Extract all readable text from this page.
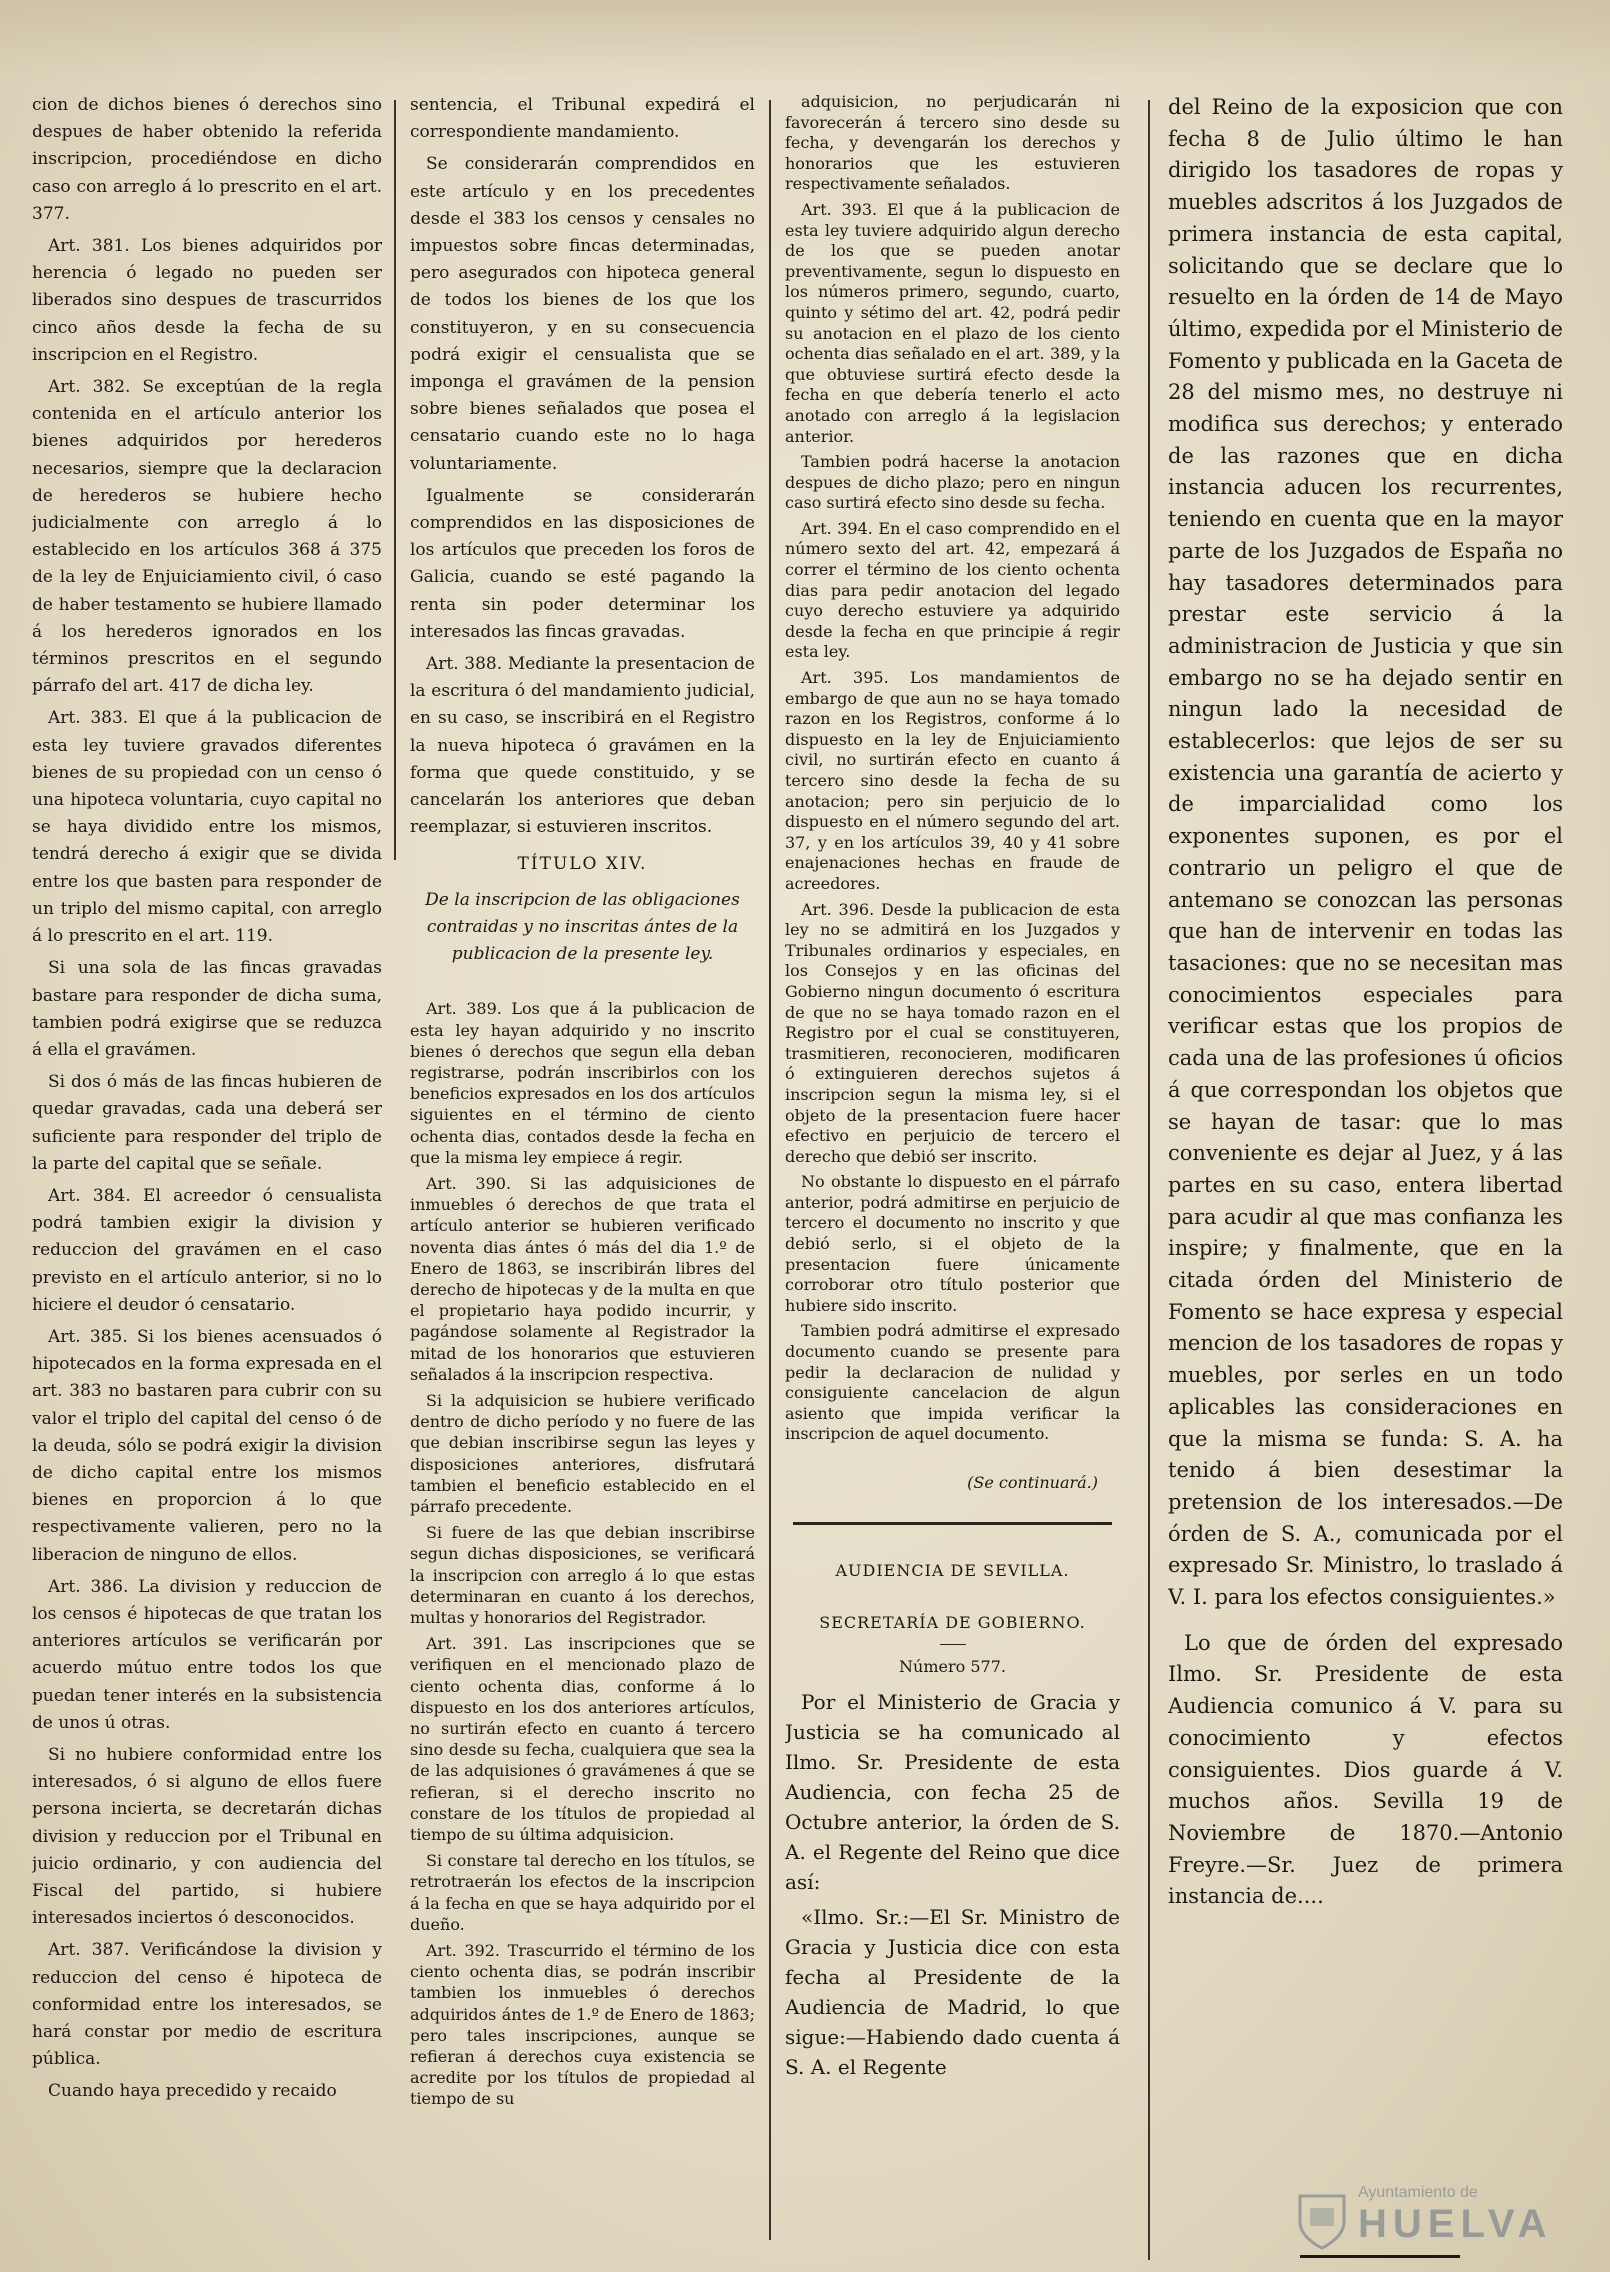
cion de dichos bienes ó derechos sino despues de haber obtenido la referida inscripcion, procediéndose en dicho caso con arreglo á lo prescrito en el art. 377.

Art. 381. Los bienes adquiridos por herencia ó legado no pueden ser liberados sino despues de trascurridos cinco años desde la fecha de su inscripcion en el Registro.

Art. 382. Se exceptúan de la regla contenida en el artículo anterior los bienes adquiridos por herederos necesarios, siempre que la declaracion de herederos se hubiere hecho judicialmente con arreglo á lo establecido en los artículos 368 á 375 de la ley de Enjuiciamiento civil, ó caso de haber testamento se hubiere llamado á los herederos ignorados en los términos prescritos en el segundo párrafo del art. 417 de dicha ley.

Art. 383. El que á la publicacion de esta ley tuviere gravados diferentes bienes de su propiedad con un censo ó una hipoteca voluntaria, cuyo capital no se haya dividido entre los mismos, tendrá derecho á exigir que se divida entre los que basten para responder de un triplo del mismo capital, con arreglo á lo prescrito en el art. 119.

Si una sola de las fincas gravadas bastare para responder de dicha suma, tambien podrá exigirse que se reduzca á ella el gravámen.

Si dos ó más de las fincas hubieren de quedar gravadas, cada una deberá ser suficiente para responder del triplo de la parte del capital que se señale.

Art. 384. El acreedor ó censualista podrá tambien exigir la division y reduccion del gravámen en el caso previsto en el artículo anterior, si no lo hiciere el deudor ó censatario.

Art. 385. Si los bienes acensuados ó hipotecados en la forma expresada en el art. 383 no bastaren para cubrir con su valor el triplo del capital del censo ó de la deuda, sólo se podrá exigir la division de dicho capital entre los mismos bienes en proporcion á lo que respectivamente valieren, pero no la liberacion de ninguno de ellos.

Art. 386. La division y reduccion de los censos é hipotecas de que tratan los anteriores artículos se verificarán por acuerdo mútuo entre todos los que puedan tener interés en la subsistencia de unos ú otras.

Si no hubiere conformidad entre los interesados, ó si alguno de ellos fuere persona incierta, se decretarán dichas division y reduccion por el Tribunal en juicio ordinario, y con audiencia del Fiscal del partido, si hubiere interesados inciertos ó desconocidos.

Art. 387. Verificándose la division y reduccion del censo é hipoteca de conformidad entre los interesados, se hará constar por medio de escritura pública.

Cuando haya precedido y recaido

sentencia, el Tribunal expedirá el correspondiente mandamiento.

Se considerarán comprendidos en este artículo y en los precedentes desde el 383 los censos y censales no impuestos sobre fincas determinadas, pero asegurados con hipoteca general de todos los bienes de los que los constituyeron, y en su consecuencia podrá exigir el censualista que se imponga el gravámen de la pension sobre bienes señalados que posea el censatario cuando este no lo haga voluntariamente.

Igualmente se considerarán comprendidos en las disposiciones de los artículos que preceden los foros de Galicia, cuando se esté pagando la renta sin poder determinar los interesados las fincas gravadas.

Art. 388. Mediante la presentacion de la escritura ó del mandamiento judicial, en su caso, se inscribirá en el Registro la nueva hipoteca ó gravámen en la forma que quede constituido, y se cancelarán los anteriores que deban reemplazar, si estuvieren inscritos.

TÍTULO XIV.

De la inscripcion de las obligaciones contraidas y no inscritas ántes de la publicacion de la presente ley.

Art. 389. Los que á la publicacion de esta ley hayan adquirido y no inscrito bienes ó derechos que segun ella deban registrarse, podrán inscribirlos con los beneficios expresados en los dos artículos siguientes en el término de ciento ochenta dias, contados desde la fecha en que la misma ley empiece á regir.

Art. 390. Si las adquisiciones de inmuebles ó derechos de que trata el artículo anterior se hubieren verificado noventa dias ántes ó más del dia 1.º de Enero de 1863, se inscribirán libres del derecho de hipotecas y de la multa en que el propietario haya podido incurrir, y pagándose solamente al Registrador la mitad de los honorarios que estuvieren señalados á la inscripcion respectiva.

Si la adquisicion se hubiere verificado dentro de dicho período y no fuere de las que debian inscribirse segun las leyes y disposiciones anteriores, disfrutará tambien el beneficio establecido en el párrafo precedente.

Si fuere de las que debian inscribirse segun dichas disposiciones, se verificará la inscripcion con arreglo á lo que estas determinaran en cuanto á los derechos, multas y honorarios del Registrador.

Art. 391. Las inscripciones que se verifiquen en el mencionado plazo de ciento ochenta dias, conforme á lo dispuesto en los dos anteriores artículos, no surtirán efecto en cuanto á tercero sino desde su fecha, cualquiera que sea la de las adquisiones ó gravámenes á que se refieran, si el derecho inscrito no constare de los títulos de propiedad al tiempo de su última adquisicion.

Si constare tal derecho en los títulos, se retrotraerán los efectos de la inscripcion á la fecha en que se haya adquirido por el dueño.

Art. 392. Trascurrido el término de los ciento ochenta dias, se podrán inscribir tambien los inmuebles ó derechos adquiridos ántes de 1.º de Enero de 1863; pero tales inscripciones, aunque se refieran á derechos cuya existencia se acredite por los títulos de propiedad al tiempo de su

adquisicion, no perjudicarán ni favorecerán á tercero sino desde su fecha, y devengarán los derechos y honorarios que les estuvieren respectivamente señalados.

Art. 393. El que á la publicacion de esta ley tuviere adquirido algun derecho de los que se pueden anotar preventivamente, segun lo dispuesto en los números primero, segundo, cuarto, quinto y sétimo del art. 42, podrá pedir su anotacion en el plazo de los ciento ochenta dias señalado en el art. 389, y la que obtuviese surtirá efecto desde la fecha en que debería tenerlo el acto anotado con arreglo á la legislacion anterior.

Tambien podrá hacerse la anotacion despues de dicho plazo; pero en ningun caso surtirá efecto sino desde su fecha.

Art. 394. En el caso comprendido en el número sexto del art. 42, empezará á correr el término de los ciento ochenta dias para pedir anotacion del legado cuyo derecho estuviere ya adquirido desde la fecha en que principie á regir esta ley.

Art. 395. Los mandamientos de embargo de que aun no se haya tomado razon en los Registros, conforme á lo dispuesto en la ley de Enjuiciamiento civil, no surtirán efecto en cuanto á tercero sino desde la fecha de su anotacion; pero sin perjuicio de lo dispuesto en el número segundo del art. 37, y en los artículos 39, 40 y 41 sobre enajenaciones hechas en fraude de acreedores.

Art. 396. Desde la publicacion de esta ley no se admitirá en los Juzgados y Tribunales ordinarios y especiales, en los Consejos y en las oficinas del Gobierno ningun documento ó escritura de que no se haya tomado razon en el Registro por el cual se constituyeren, trasmitieren, reconocieren, modificaren ó extinguieren derechos sujetos á inscripcion segun la misma ley, si el objeto de la presentacion fuere hacer efectivo en perjuicio de tercero el derecho que debió ser inscrito.

No obstante lo dispuesto en el párrafo anterior, podrá admitirse en perjuicio de tercero el documento no inscrito y que debió serlo, si el objeto de la presentacion fuere únicamente corroborar otro título posterior que hubiere sido inscrito.

Tambien podrá admitirse el expresado documento cuando se presente para pedir la declaracion de nulidad y consiguiente cancelacion de algun asiento que impida verificar la inscripcion de aquel documento.

(Se continuará.)

AUDIENCIA DE SEVILLA.

SECRETARÍA DE GOBIERNO.

Número 577.

Por el Ministerio de Gracia y Justicia se ha comunicado al Ilmo. Sr. Presidente de esta Audiencia, con fecha 25 de Octubre anterior, la órden de S. A. el Regente del Reino que dice así:

«Ilmo. Sr.:—El Sr. Ministro de Gracia y Justicia dice con esta fecha al Presidente de la Audiencia de Madrid, lo que sigue:—Habiendo dado cuenta á S. A. el Regente

del Reino de la exposicion que con fecha 8 de Julio último le han dirigido los tasadores de ropas y muebles adscritos á los Juzgados de primera instancia de esta capital, solicitando que se declare que lo resuelto en la órden de 14 de Mayo último, expedida por el Ministerio de Fomento y publicada en la Gaceta de 28 del mismo mes, no destruye ni modifica sus derechos; y enterado de las razones que en dicha instancia aducen los recurrentes, teniendo en cuenta que en la mayor parte de los Juzgados de España no hay tasadores determinados para prestar este servicio á la administracion de Justicia y que sin embargo no se ha dejado sentir en ningun lado la necesidad de establecerlos: que lejos de ser su existencia una garantía de acierto y de imparcialidad como los exponentes suponen, es por el contrario un peligro el que de antemano se conozcan las personas que han de intervenir en todas las tasaciones: que no se necesitan mas conocimientos especiales para verificar estas que los propios de cada una de las profesiones ú oficios á que correspondan los objetos que se hayan de tasar: que lo mas conveniente es dejar al Juez, y á las partes en su caso, entera libertad para acudir al que mas confianza les inspire; y finalmente, que en la citada órden del Ministerio de Fomento se hace expresa y especial mencion de los tasadores de ropas y muebles, por serles en un todo aplicables las consideraciones en que la misma se funda: S. A. ha tenido á bien desestimar la pretension de los interesados.—De órden de S. A., comunicada por el expresado Sr. Ministro, lo traslado á V. I. para los efectos consiguientes.»

Lo que de órden del expresado Ilmo. Sr. Presidente de esta Audiencia comunico á V. para su conocimiento y efectos consiguientes. Dios guarde á V. muchos años. Sevilla 19 de Noviembre de 1870.—Antonio Freyre.—Sr. Juez de primera instancia de....

Ayuntamiento de
HUELVA
